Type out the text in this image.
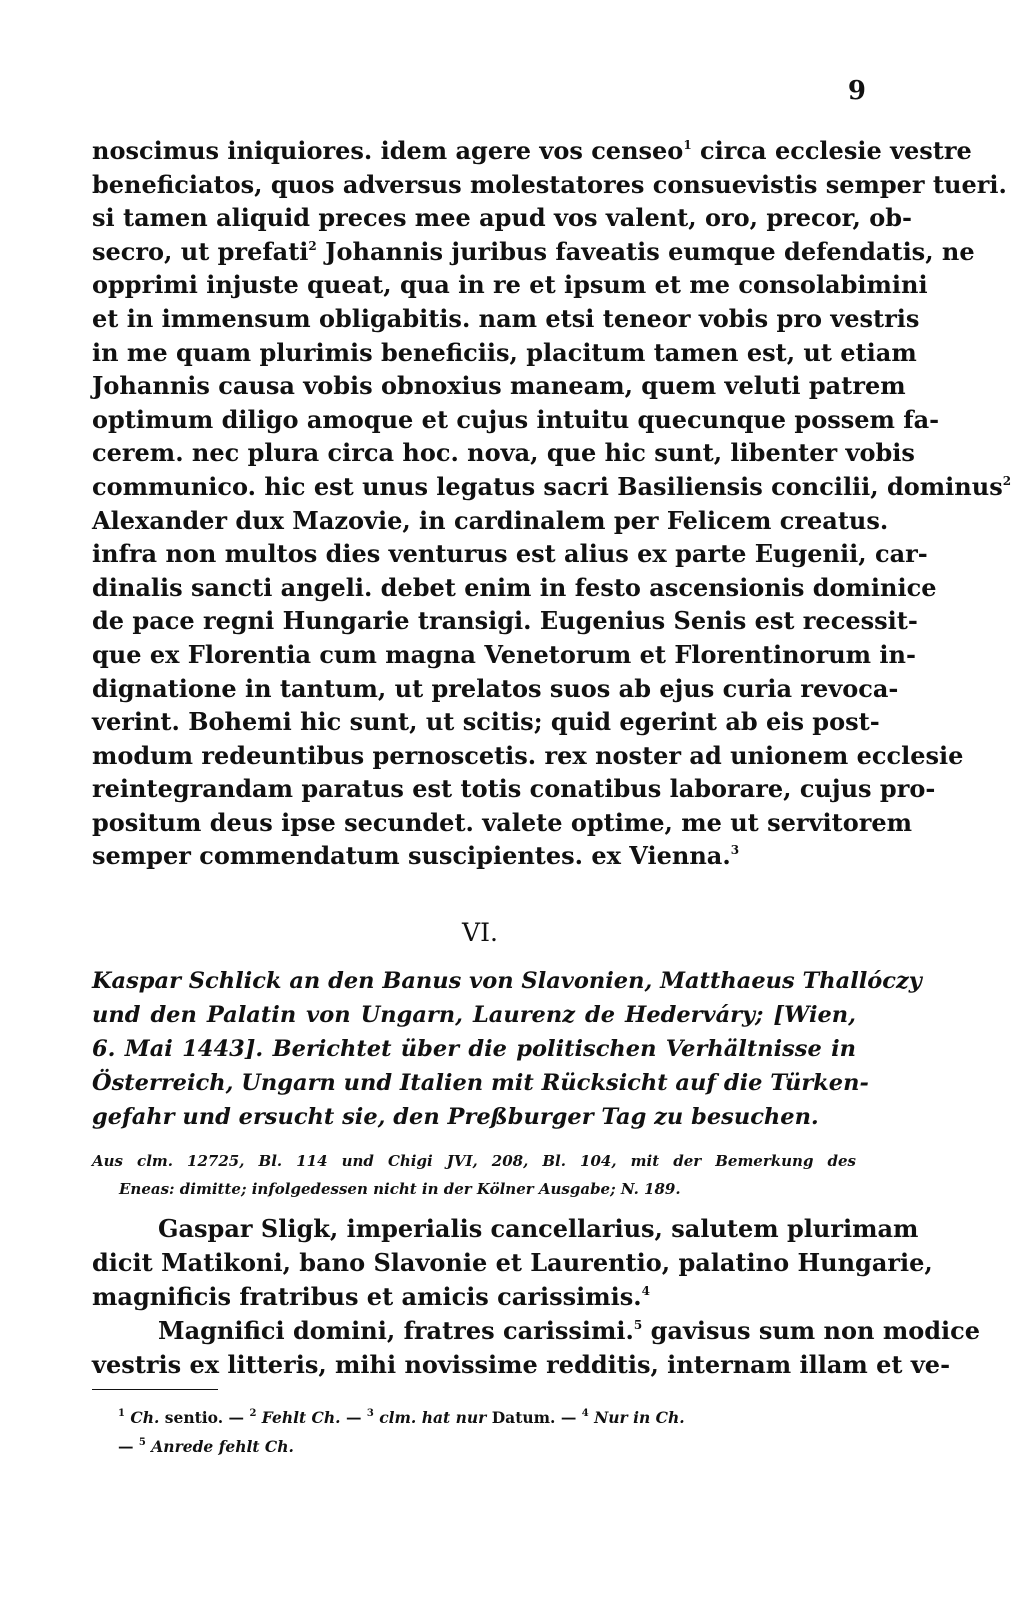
9
noscimus iniquiores. idem agere vos censeo$^1$ circa ecclesie vestre
beneficiatos, quos adversus molestatores consuevistis semper tueri.
si tamen aliquid preces mee apud vos valent, oro, precor, ob-
secro, ut prefati$^2$ Johannis juribus faveatis eumque defendatis, ne
opprimi injuste queat, qua in re et ipsum et me consolabimini
et in immensum obligabitis. nam etsi teneor vobis pro vestris
in me quam plurimis beneficiis, placitum tamen est, ut etiam
Johannis causa vobis obnoxius maneam, quem veluti patrem
optimum diligo amoque et cujus intuitu quecunque possem fa-
cerem. nec plura circa hoc. nova, que hic sunt, libenter vobis
communico. hic est unus legatus sacri Basiliensis concilii, dominus$^2$
Alexander dux Mazovie, in cardinalem per Felicem creatus.
infra non multos dies venturus est alius ex parte Eugenii, car-
dinalis sancti angeli. debet enim in festo ascensionis dominice
de pace regni Hungarie transigi. Eugenius Senis est recessit-
que ex Florentia cum magna Venetorum et Florentinorum in-
dignatione in tantum, ut prelatos suos ab ejus curia revoca-
verint. Bohemi hic sunt, ut scitis; quid egerint ab eis post-
modum redeuntibus pernoscetis. rex noster ad unionem ecclesie
reintegrandam paratus est totis conatibus laborare, cujus pro-
positum deus ipse secundet. valete optime, me ut servitorem
semper commendatum suscipientes. ex Vienna.$^3$
VI.
Kaspar Schlick an den Banus von Slavonien, Matthaeus Thallóczy
und den Palatin von Ungarn, Laurenz de Hederváry; [Wien,
6. Mai 1443]. Berichtet über die politischen Verhältnisse in
Österreich, Ungarn und Italien mit Rücksicht auf die Türken-
gefahr und ersucht sie, den Preßburger Tag zu besuchen.
Aus clm. 12725, Bl. 114 und Chigi JVI, 208, Bl. 104, mit der Bemerkung des
Eneas: dimitte; infolgedessen nicht in der Kölner Ausgabe; N. 189.
Gaspar Sligk, imperialis cancellarius, salutem plurimam
dicit Matikoni, bano Slavonie et Laurentio, palatino Hungarie,
magnificis fratribus et amicis carissimis.$^4$
Magnifici domini, fratres carissimi.$^5$ gavisus sum non modice
vestris ex litteris, mihi novissime redditis, internam illam et ve-
$^1$ Ch. sentio. — $^2$ Fehlt Ch. — $^3$ clm. hat nur Datum. — $^4$ Nur in Ch.
— $^5$ Anrede fehlt Ch.
